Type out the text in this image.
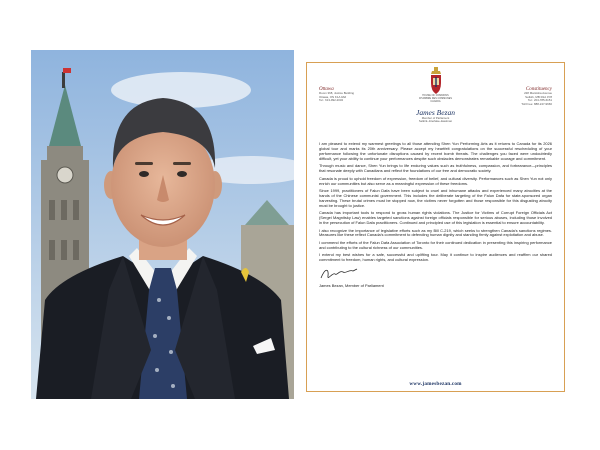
Ottawa
Room 368, Justice Building
Ottawa, ON K1A 0A6
Tel.: 613-992-2032
HOUSE OF COMMONS
CHAMBRE DES COMMUNES
CANADA
James Bezan
Member of Parliament
Selkirk–Interlake–Eastman
Constituency
228 Manitoba Avenue
Selkirk, MB R1A 0Y8
Tel.: 204-785-6151
Toll Free: 888-247-9666

I am pleased to extend my warmest greetings to all those attending Shen Yun Performing Arts as it returns to Canada for its 2026 global tour and marks its 20th anniversary. Please accept my heartfelt congratulations on the successful rescheduling of your performance following the unfortunate disruptions caused by recent bomb threats. The challenges you faced were undoubtedly difficult, yet your ability to continue your performances despite such obstacles demonstrates remarkable courage and commitment.

Through music and dance, Shen Yun brings to life enduring values such as truthfulness, compassion, and forbearance—principles that resonate deeply with Canadians and reflect the foundations of our free and democratic society.

Canada is proud to uphold freedom of expression, freedom of belief, and cultural diversity. Performances such as Shen Yun not only enrich our communities but also serve as a meaningful expression of these freedoms.

Since 1999, practitioners of Falun Dafa have been subject to cruel and inhumane attacks and experienced many atrocities at the hands of the Chinese communist government. This includes the deliberate targeting of the Falun Dafa for state-sponsored organ harvesting. These brutal crimes must be stopped now, the victims never forgotten and those responsible for this disgusting atrocity must be brought to justice.

Canada has important tools to respond to gross human rights violations. The Justice for Victims of Corrupt Foreign Officials Act (Sergei Magnitsky Law) enables targeted sanctions against foreign officials responsible for serious abuses, including those involved in the persecution of Falun Dafa practitioners. Continued and principled use of this legislation is essential to ensure accountability.

I also recognize the importance of legislative efforts such as my Bill C-219, which seeks to strengthen Canada's sanctions regimes. Measures like these reflect Canada's commitment to defending human dignity and standing firmly against exploitation and abuse.

I commend the efforts of the Falun Dafa Association of Toronto for their continued dedication in presenting this inspiring performance and contributing to the cultural richness of our communities.

I extend my best wishes for a safe, successful and uplifting tour. May it continue to inspire audiences and reaffirm our shared commitment to freedom, human rights, and cultural expression.

James Bezan, Member of Parliament
www.jamesbezan.com
